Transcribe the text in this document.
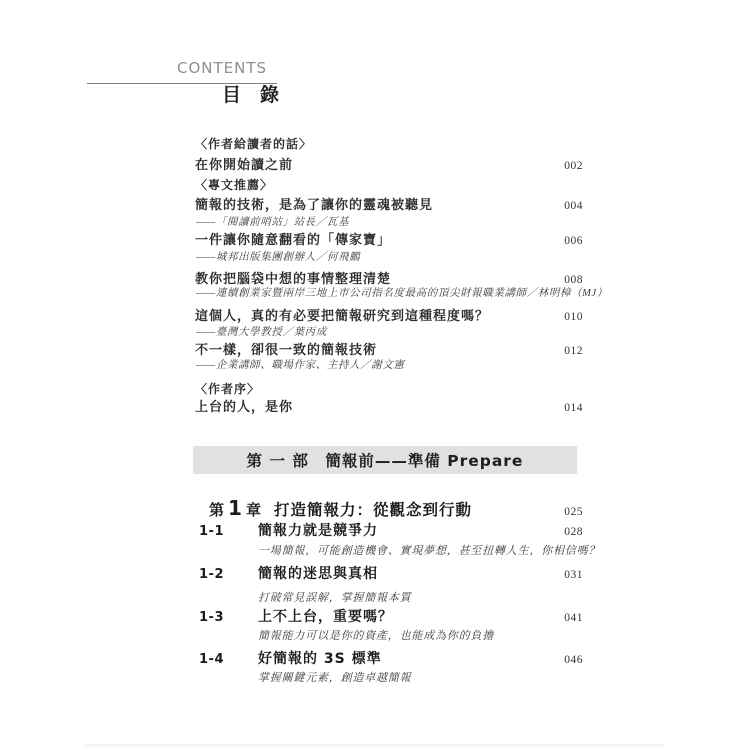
CONTENTS
目　錄
〈作者給讀者的話〉
在你開始讀之前	002
〈專文推薦〉
簡報的技術，是為了讓你的靈魂被聽見	004
——「閱讀前哨站」站長／瓦基
一件讓你隨意翻看的「傳家寶」	006
——城邦出版集團創辦人／何飛鵬
教你把腦袋中想的事情整理清楚	008
——連續創業家暨兩岸三地上市公司指名度最高的頂尖財報職業講師／林明樟（MJ）
這個人，真的有必要把簡報研究到這種程度嗎？	010
——臺灣大學教授／葉丙成
不一樣，卻很一致的簡報技術	012
——企業講師、職場作家、主持人／謝文憲
〈作者序〉
上台的人，是你	014
第 一 部　簡報前——準備 Prepare
第 1 章 打造簡報力：從觀念到行動	025
1-1	簡報力就是競爭力	028
一場簡報，可能創造機會、實現夢想，甚至扭轉人生，你相信嗎？
1-2	簡報的迷思與真相	031
打破常見誤解，掌握簡報本質
1-3	上不上台，重要嗎？	041
簡報能力可以是你的資產，也能成為你的負擔
1-4	好簡報的 3S 標準	046
掌握關鍵元素，創造卓越簡報
